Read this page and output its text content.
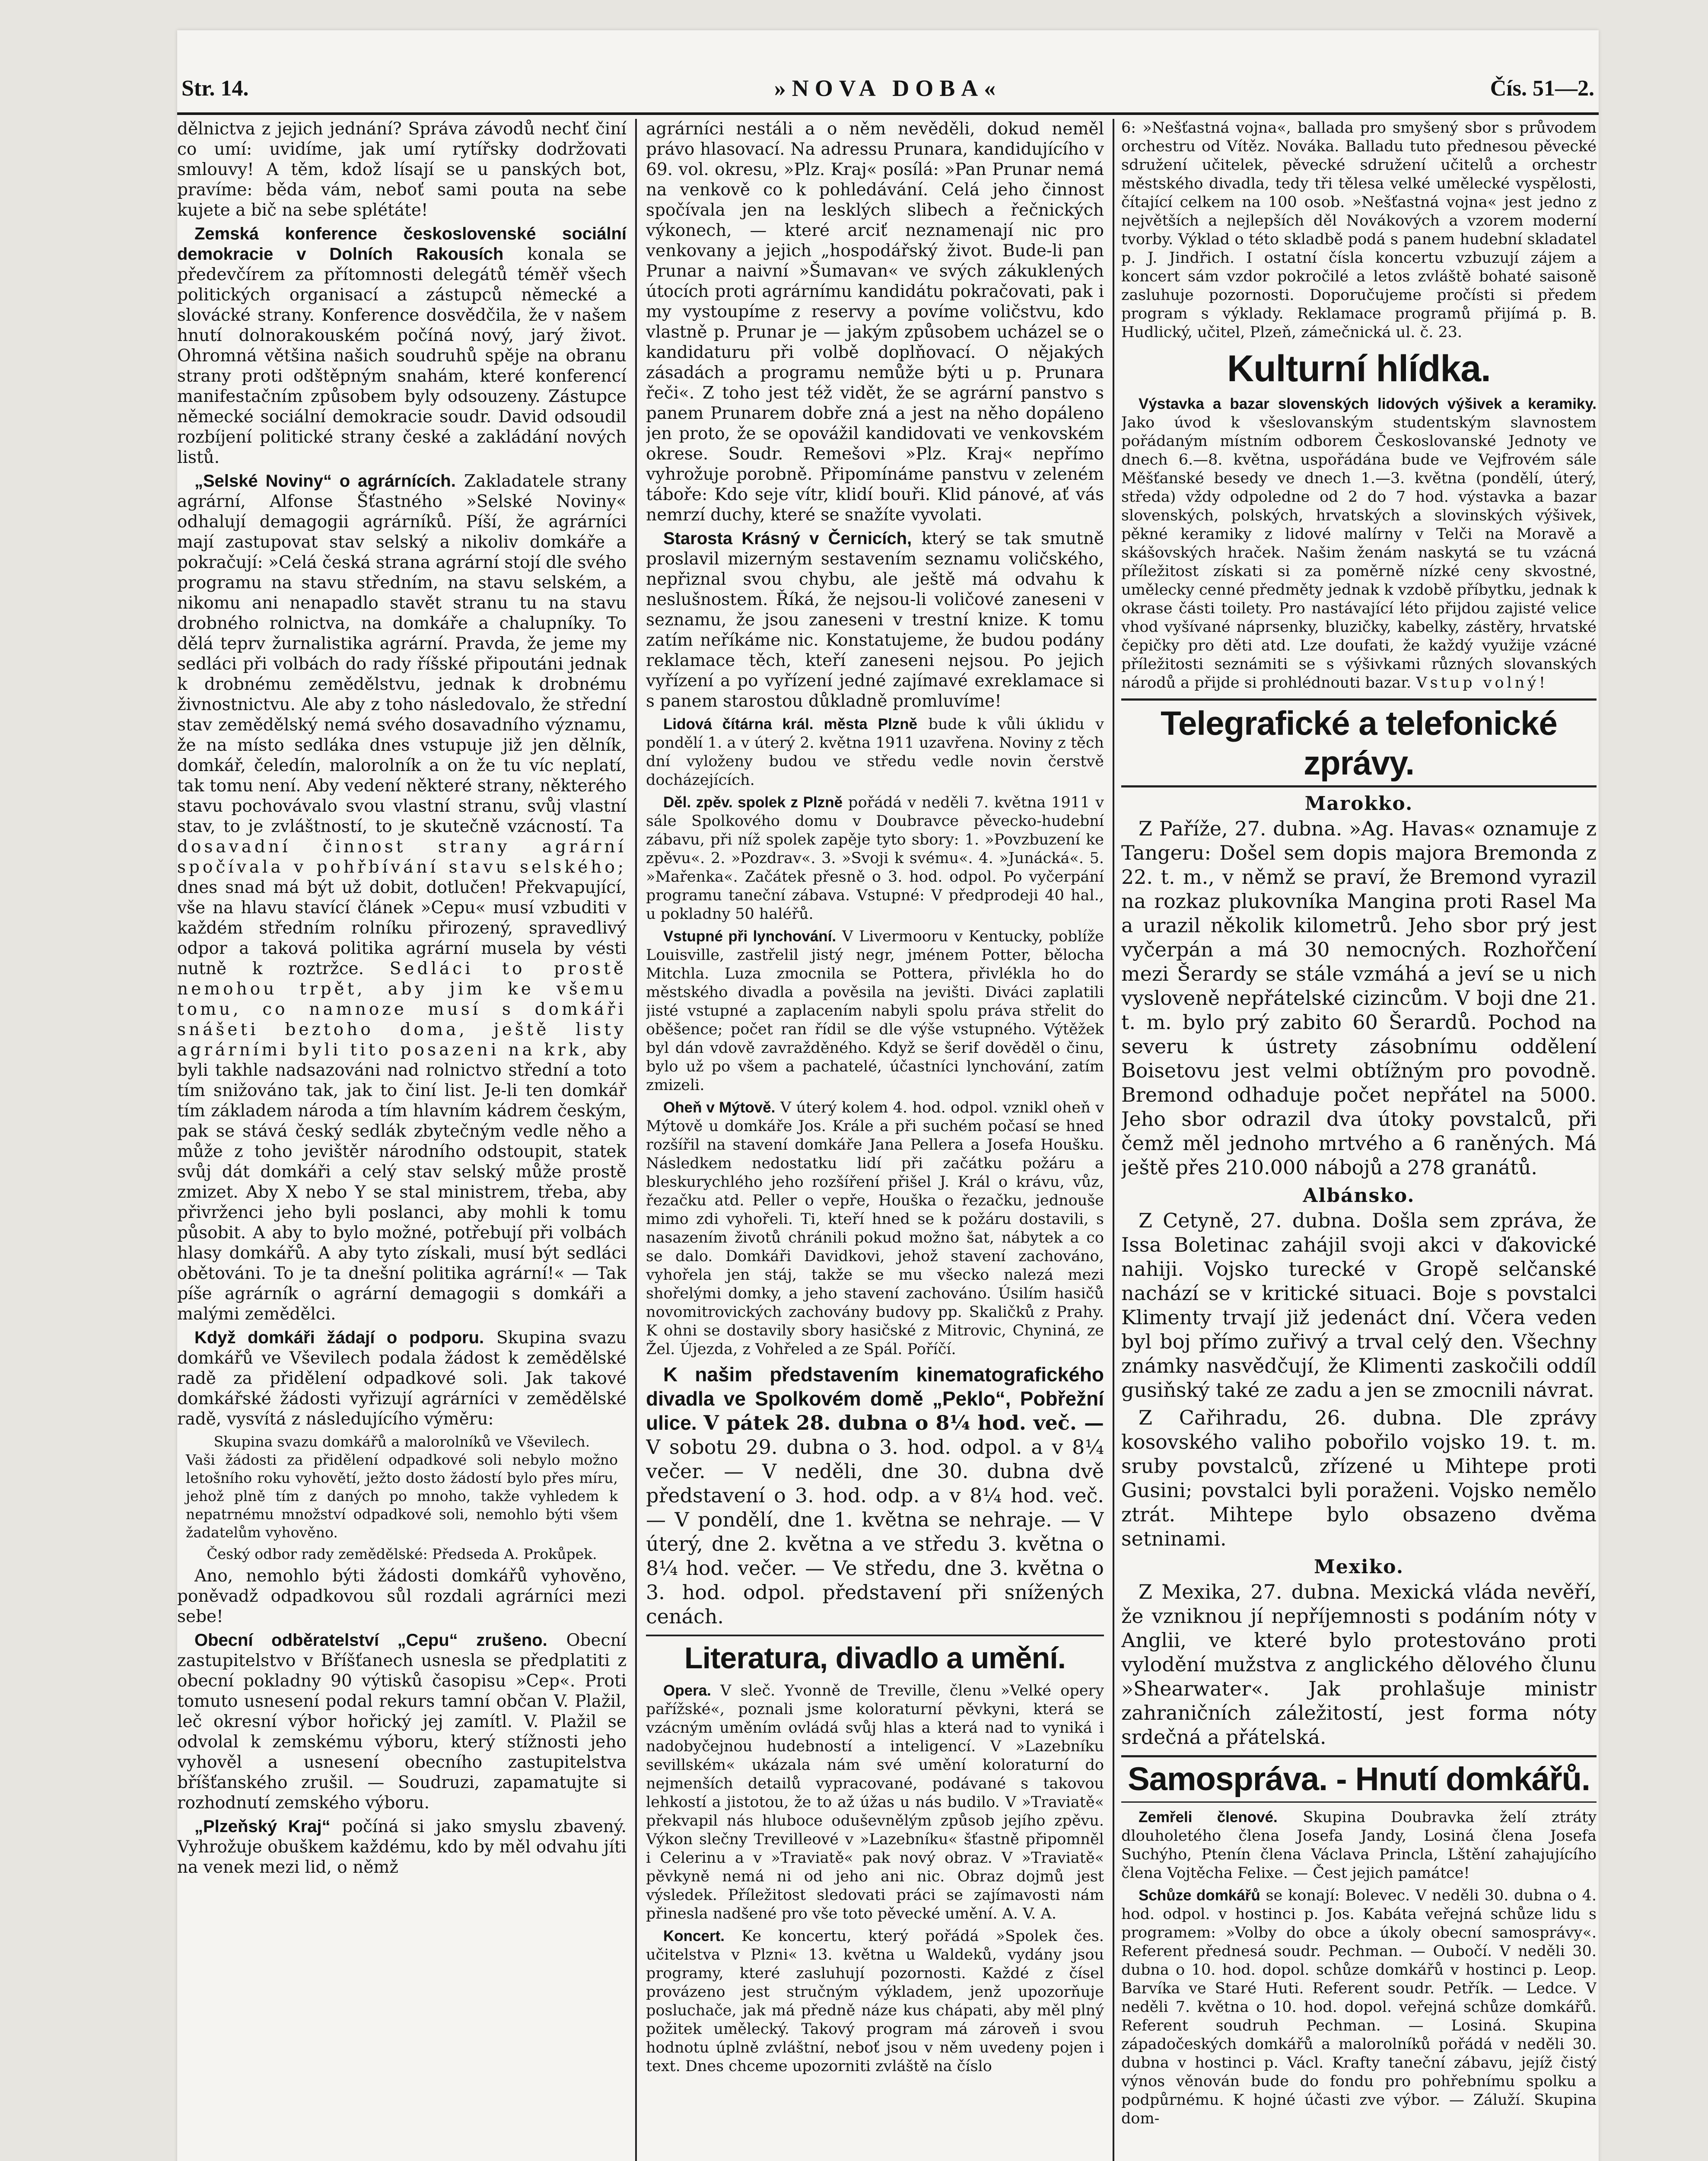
Str. 14.	»NOVA DOBA«	Čís. 51—2.

dělnictva z jejich jednání? Správa závodů nechť činí co umí: uvidíme, jak umí rytířsky dodržovati smlouvy! A těm, kdož lísají se u panských bot, pravíme: běda vám, neboť sami pouta na sebe kujete a bič na sebe splétáte!

Zemská konference československé sociální demokracie v Dolních Rakousích konala se předevčírem za přítomnosti delegátů téměř všech politických organisací a zástupců německé a slovácké strany. Konference dosvědčila, že v našem hnutí dolnorakouském počíná nový, jarý život. Ohromná většina našich soudruhů spěje na obranu strany proti odštěpným snahám, které konferencí manifestačním způsobem byly odsouzeny. Zástupce německé sociální demokracie soudr. David odsoudil rozbíjení politické strany české a zakládání nových listů.

„Selské Noviny“ o agrárnících. Zakladatele strany agrární, Alfonse Šťastného »Selské Noviny« odhalují demagogii agrárníků. Píší, že agrárníci mají zastupovat stav selský a nikoliv domkáře a pokračují: »Celá česká strana agrární stojí dle svého programu na stavu středním, na stavu selském, a nikomu ani nenapadlo stavět stranu tu na stavu drobného rolnictva, na domkáře a chalupníky. To dělá teprv žurnalistika agrární. Pravda, že jeme my sedláci při volbách do rady říšské připoutáni jednak k drobnému zemědělstvu, jednak k drobnému živnostnictvu. Ale aby z toho následovalo, že střední stav zemědělský nemá svého dosavadního významu, že na místo sedláka dnes vstupuje již jen dělník, domkář, čeledín, malorolník a on že tu víc neplatí, tak tomu není. Aby vedení některé strany, některého stavu pochovávalo svou vlastní stranu, svůj vlastní stav, to je zvláštností, to je skutečně vzácností. Ta dosavadní činnost strany agrární spočívala v pohřbívání stavu selského; dnes snad má být už dobit, dotlučen! Překvapující, vše na hlavu stavící článek »Cepu« musí vzbuditi v každém středním rolníku přirozený, spravedlivý odpor a taková politika agrární musela by vésti nutně k roztržce. Sedláci to prostě nemohou trpět, aby jim ke všemu tomu, co namnoze musí s domkáři snášeti beztoho doma, ještě listy agrárními byli tito posazeni na krk, aby byli takhle nadsazováni nad rolnictvo střední a toto tím snižováno tak, jak to činí list. Je-li ten domkář tím základem národa a tím hlavním kádrem českým, pak se stává český sedlák zbytečným vedle něho a může z toho jevištěr národního odstoupit, statek svůj dát domkáři a celý stav selský může prostě zmizet. Aby X nebo Y se stal ministrem, třeba, aby přivrženci jeho byli poslanci, aby mohli k tomu působit. A aby to bylo možné, potřebují při volbách hlasy domkářů. A aby tyto získali, musí být sedláci obětováni. To je ta dnešní politika agrární!« — Tak píše agrárník o agrární demagogii s domkáři a malými zemědělci.

Když domkáři žádají o podporu. Skupina svazu domkářů ve Vševilech podala žádost k zemědělské radě za přidělení odpadkové soli. Jak takové domkářské žádosti vyřizují agrárníci v zemědělské radě, vysvítá z následujícího výměru:

Skupina svazu domkářů a malorolníků ve Vševilech.

Vaši žádosti za přidělení odpadkové soli nebylo možno letošního roku vyhovětí, ježto dosto žádostí bylo přes míru, jehož plně tím z daných po mnoho, takže vyhledem k nepatrnému množství odpadkové soli, nemohlo býti všem žadatelům vyhověno.

Český odbor rady zemědělské: Předseda A. Prokůpek.

Ano, nemohlo býti žádosti domkářů vyhověno, poněvadž odpadkovou sůl rozdali agrárníci mezi sebe!

Obecní odběratelství „Cepu“ zrušeno. Obecní zastupitelstvo v Bříšťanech usnesla se předplatiti z obecní pokladny 90 výtisků časopisu »Cep«. Proti tomuto usnesení podal rekurs tamní občan V. Plažil, leč okresní výbor hořický jej zamítl. V. Plažil se odvolal k zemskému výboru, který stížnosti jeho vyhověl a usnesení obecního zastupitelstva bříšťanského zrušil. — Soudruzi, zapamatujte si rozhodnutí zemského výboru.

„Plzeňský Kraj“ počíná si jako smyslu zbavený. Vyhrožuje obuškem každému, kdo by měl odvahu jíti na venek mezi lid, o němž

agrárníci nestáli a o něm nevěděli, dokud neměl právo hlasovací. Na adressu Prunara, kandidujícího v 69. vol. okresu, »Plz. Kraj« posílá: »Pan Prunar nemá na venkově co k pohledávání. Celá jeho činnost spočívala jen na lesklých slibech a řečnických výkonech, — které arciť neznamenají nic pro venkovany a jejich „hospodářský život. Bude-li pan Prunar a naivní »Šumavan« ve svých zákuklených útocích proti agrárnímu kandidátu pokračovati, pak i my vystoupíme z reservy a povíme voličstvu, kdo vlastně p. Prunar je — jakým způsobem ucházel se o kandidaturu při volbě doplňovací. O nějakých zásadách a programu nemůže býti u p. Prunara řeči«. Z toho jest též vidět, že se agrární panstvo s panem Prunarem dobře zná a jest na něho dopáleno jen proto, že se opovážil kandidovati ve venkovském okrese. Soudr. Remešovi »Plz. Kraj« nepřímo vyhrožuje porobně. Připomínáme panstvu v zeleném táboře: Kdo seje vítr, klidí bouři. Klid pánové, ať vás nemrzí duchy, které se snažíte vyvolati.

Starosta Krásný v Černicích, který se tak smutně proslavil mizerným sestavením seznamu voličského, nepřiznal svou chybu, ale ještě má odvahu k neslušnostem. Říká, že nejsou-li voličové zaneseni v seznamu, že jsou zaneseni v trestní knize. K tomu zatím neříkáme nic. Konstatujeme, že budou podány reklamace těch, kteří zaneseni nejsou. Po jejich vyřízení a po vyřízení jedné zajímavé exreklamace si s panem starostou důkladně promluvíme!

Lidová čítárna král. města Plzně bude k vůli úklidu v pondělí 1. a v úterý 2. května 1911 uzavřena. Noviny z těch dní vyloženy budou ve středu vedle novin čerstvě docházejících.

Děl. zpěv. spolek z Plzně pořádá v neděli 7. května 1911 v sále Spolkového domu v Doubravce pěvecko-hudební zábavu, při níž spolek zapěje tyto sbory: 1. »Povzbuzení ke zpěvu«. 2. »Pozdrav«. 3. »Svoji k svému«. 4. »Junácká«. 5. »Mařenka«. Začátek přesně o 3. hod. odpol. Po vyčerpání programu taneční zábava. Vstupné: V předprodeji 40 hal., u pokladny 50 haléřů.

Vstupné při lynchování. V Livermooru v Kentucky, poblíže Louisville, zastřelil jistý negr, jménem Potter, bělocha Mitchla. Luza zmocnila se Pottera, přivlékla ho do městského divadla a pověsila na jevišti. Diváci zaplatili jisté vstupné a zaplacením nabyli spolu práva střelit do oběšence; počet ran řídil se dle výše vstupného. Výtěžek byl dán vdově zavražděného. Když se šerif dověděl o činu, bylo už po všem a pachatelé, účastníci lynchování, zatím zmizeli.

Oheň v Mýtově. V úterý kolem 4. hod. odpol. vznikl oheň v Mýtově u domkáře Jos. Krále a při suchém počasí se hned rozšířil na stavení domkáře Jana Pellera a Josefa Houšku. Následkem nedostatku lidí při začátku požáru a bleskurychlého jeho rozšíření přišel J. Král o krávu, vůz, řezačku atd. Peller o vepře, Houška o řezačku, jednouše mimo zdi vyhořeli. Ti, kteří hned se k požáru dostavili, s nasazením životů chránili pokud možno šat, nábytek a co se dalo. Domkáři Davidkovi, jehož stavení zachováno, vyhořela jen stáj, takže se mu všecko nalezá mezi shořelými domky, a jeho stavení zachováno. Úsilím hasičů novomitrovických zachovány budovy pp. Skaličků z Prahy. K ohni se dostavily sbory hasičské z Mitrovic, Chyniná, ze Žel. Újezda, z Vohřeled a ze Spál. Poříčí.

K našim představením kinematografického divadla ve Spolkovém domě „Peklo“, Pobřežní ulice. V pátek 28. dubna o 8¼ hod. več. — V sobotu 29. dubna o 3. hod. odpol. a v 8¼ večer. — V neděli, dne 30. dubna dvě představení o 3. hod. odp. a v 8¼ hod. več. — V pondělí, dne 1. května se nehraje. — V úterý, dne 2. května a ve středu 3. května o 8¼ hod. večer. — Ve středu, dne 3. května o 3. hod. odpol. představení při snížených cenách.

Literatura, divadlo a umění.

Opera. V sleč. Yvonně de Treville, členu »Velké opery pařížské«, poznali jsme koloraturní pěvkyni, která se vzácným uměním ovládá svůj hlas a která nad to vyniká i nadobyčejnou hudebností a inteligencí. V »Lazebníku sevillském« ukázala nám své umění koloraturní do nejmenších detailů vypracované, podávané s takovou lehkostí a jistotou, že to až úžas u nás budilo. V »Traviatě« překvapil nás hlubocе oduševnělým způsob jejího zpěvu. Výkon slečny Trevilleové v »Lazebníku« šťastně připomněl i Celerinu a v »Traviatě« pak nový obraz. V »Traviatě« pěvkyně nemá ni od jeho ani nic. Obraz dojmů jest výsledek. Příležitost sledovati práci se zajímavosti nám přinesla nadšené pro vše toto pěvecké umění. A. V. A.

Koncert. Ke koncertu, který pořádá »Spolek čes. učitelstva v Plzni« 13. května u Waldeků, vydány jsou programy, které zasluhují pozornosti. Každé z čísel provázeno jest stručným výkladem, jenž upozorňuje posluchače, jak má předně náze kus chápati, aby měl plný požitek umělecký. Takový program má zároveň i svou hodnotu úplně zvláštní, neboť jsou v něm uvedeny pojen i text. Dnes chceme upozorniti zvláště na číslo

6: »Nešťastná vojna«, ballada pro smyšený sbor s průvodem orchestru od Vítěz. Nováka. Balladu tuto přednesou pěvecké sdružení učitelek, pěvecké sdružení učitelů a orchestr městského divadla, tedy tři tělesa velké umělecké vyspělosti, čítající celkem na 100 osob. »Nešťastná vojna« jest jedno z největších a nejlepších děl Novákových a vzorem moderní tvorby. Výklad o této skladbě podá s panem hudební skladatel p. J. Jindřich. I ostatní čísla koncertu vzbuzují zájem a koncert sám vzdor pokročilé a letos zvláště bohaté saisoně zasluhuje pozornosti. Doporučujeme pročísti si předem program s výklady. Reklamace programů přijímá p. B. Hudlický, učitel, Plzeň, zámečnická ul. č. 23.

Kulturní hlídka.

Výstavka a bazar slovenských lidových výšivek a keramiky. Jako úvod k všeslovanským studentským slavnostem pořádaným místním odborem Českoslovanské Jednoty ve dnech 6.—8. května, uspořádána bude ve Vejfrovém sále Měšťanské besedy ve dnech 1.—3. května (pondělí, úterý, středa) vždy odpoledne od 2 do 7 hod. výstavka a bazar slovenských, polských, hrvatských a slovinských výšivek, pěkné keramiky z lidové malírny v Telči na Moravě a skášovských hraček. Našim ženám naskytá se tu vzácná příležitost získati si za poměrně nízké ceny skvostné, umělecky cenné předměty jednak k vzdobě příbytku, jednak k okrase části toilety. Pro nastávající léto přijdou zajisté velice vhod vyšívané náprsenky, bluzičky, kabelky, zástěry, hrvatské čepičky pro děti atd. Lze doufati, že každý využije vzácné příležitosti seznámiti se s výšivkami různých slovanských národů a přijde si prohlédnouti bazar. Vstup volný!

Telegrafické a telefonické zprávy.
Marokko.

Z Paříže, 27. dubna. »Ag. Havas« oznamuje z Tangeru: Došel sem dopis majora Bremonda z 22. t. m., v němž se praví, že Bremond vyrazil na rozkaz plukovníka Mangina proti Rasel Ma a urazil několik kilometrů. Jeho sbor prý jest vyčerpán a má 30 nemocných. Rozhořčení mezi Šerardy se stále vzmáhá a jeví se u nich vysloveně nepřátelské cizincům. V boji dne 21. t. m. bylo prý zabito 60 Šerardů. Pochod na severu k ústrety zásobnímu oddělení Boisetovu jest velmi obtížným pro povodně. Bremond odhaduje počet nepřátel na 5000. Jeho sbor odrazil dva útoky povstalců, při čemž měl jednoho mrtvého a 6 raněných. Má ještě přes 210.000 nábojů a 278 granátů.

Albánsko.

Z Cetyně, 27. dubna. Došla sem zpráva, že Issa Boletinac zahájil svoji akci v ďakovické nahiji. Vojsko turecké v Gropě selčanské nachází se v kritické situaci. Boje s povstalci Klimenty trvají již jedenáct dní. Včera veden byl boj přímo zuřivý a trval celý den. Všechny známky nasvědčují, že Klimenti zaskočili oddíl gusiňský také ze zadu a jen se zmocnili návrat.

Z Cařihradu, 26. dubna. Dle zprávy kosovského valiho pobořilo vojsko 19. t. m. sruby povstalců, zřízené u Mihtepe proti Gusini; povstalci byli poraženi. Vojsko nemělo ztrát. Mihtepe bylo obsazeno dvěma setninami.

Mexiko.

Z Mexika, 27. dubna. Mexická vláda nevěří, že vzniknou jí nepříjemnosti s podáním nóty v Anglii, ve které bylo protestováno proti vylodění mužstva z anglického dělového člunu »Shearwater«. Jak prohlašuje ministr zahraničních záležitostí, jest forma nóty srdečná a přátelská.

Samospráva. - Hnutí domkářů.

Zemřeli členové. Skupina Doubravka želí ztráty dlouholetého člena Josefa Jandy, Losiná člena Josefa Suchýho, Ptenín člena Václava Princla, Lštění zahajujícího člena Vojtěcha Felixe. — Čest jejich památce!

Schůze domkářů se konají: Bolevec. V neděli 30. dubna o 4. hod. odpol. v hostinci p. Jos. Kabáta veřejná schůze lidu s programem: »Volby do obce a úkoly obecní samosprávy«. Referent přednesá soudr. Pechman. — Oubočí. V neděli 30. dubna o 10. hod. dopol. schůze domkářů v hostinci p. Leop. Barvíka ve Staré Huti. Referent soudr. Petřík. — Ledce. V neděli 7. května o 10. hod. dopol. veřejná schůze domkářů. Referent soudruh Pechman. — Losiná. Skupina západočeských domkářů a malorolníků pořádá v neděli 30. dubna v hostinci p. Václ. Krafty taneční zábavu, jejíž čistý výnos věnován bude do fondu pro pohřebnímu spolku a podpůrnému. K hojné účasti zve výbor. — Záluží. Skupina dom-
